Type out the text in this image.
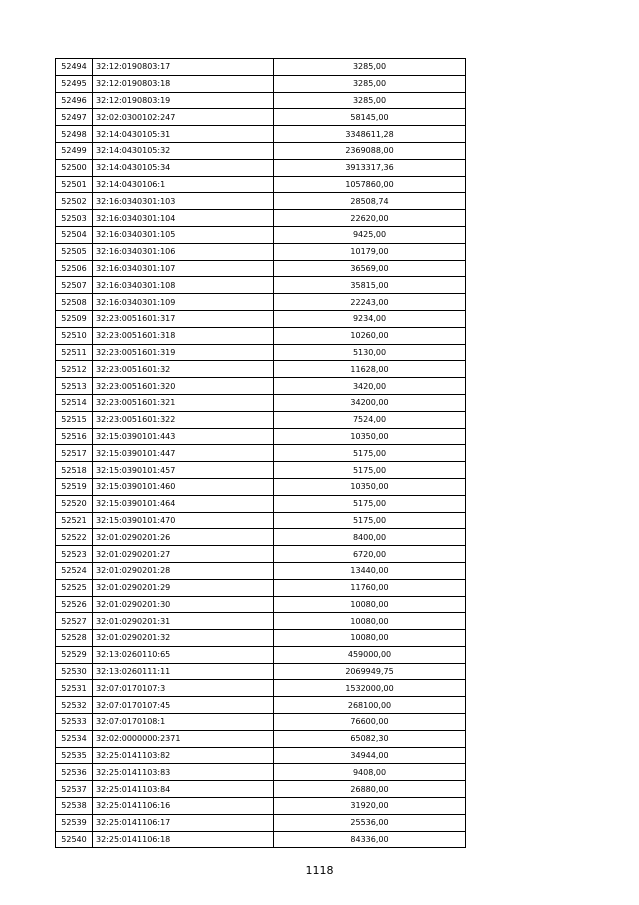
52494	32:12:0190803:17	3285,00
52495	32:12:0190803:18	3285,00
52496	32:12:0190803:19	3285,00
52497	32:02:0300102:247	58145,00
52498	32:14:0430105:31	3348611,28
52499	32:14:0430105:32	2369088,00
52500	32:14:0430105:34	3913317,36
52501	32:14:0430106:1	1057860,00
52502	32:16:0340301:103	28508,74
52503	32:16:0340301:104	22620,00
52504	32:16:0340301:105	9425,00
52505	32:16:0340301:106	10179,00
52506	32:16:0340301:107	36569,00
52507	32:16:0340301:108	35815,00
52508	32:16:0340301:109	22243,00
52509	32:23:0051601:317	9234,00
52510	32:23:0051601:318	10260,00
52511	32:23:0051601:319	5130,00
52512	32:23:0051601:32	11628,00
52513	32:23:0051601:320	3420,00
52514	32:23:0051601:321	34200,00
52515	32:23:0051601:322	7524,00
52516	32:15:0390101:443	10350,00
52517	32:15:0390101:447	5175,00
52518	32:15:0390101:457	5175,00
52519	32:15:0390101:460	10350,00
52520	32:15:0390101:464	5175,00
52521	32:15:0390101:470	5175,00
52522	32:01:0290201:26	8400,00
52523	32:01:0290201:27	6720,00
52524	32:01:0290201:28	13440,00
52525	32:01:0290201:29	11760,00
52526	32:01:0290201:30	10080,00
52527	32:01:0290201:31	10080,00
52528	32:01:0290201:32	10080,00
52529	32:13:0260110:65	459000,00
52530	32:13:0260111:11	2069949,75
52531	32:07:0170107:3	1532000,00
52532	32:07:0170107:45	268100,00
52533	32:07:0170108:1	76600,00
52534	32:02:0000000:2371	65082,30
52535	32:25:0141103:82	34944,00
52536	32:25:0141103:83	9408,00
52537	32:25:0141103:84	26880,00
52538	32:25:0141106:16	31920,00
52539	32:25:0141106:17	25536,00
52540	32:25:0141106:18	84336,00
1118
